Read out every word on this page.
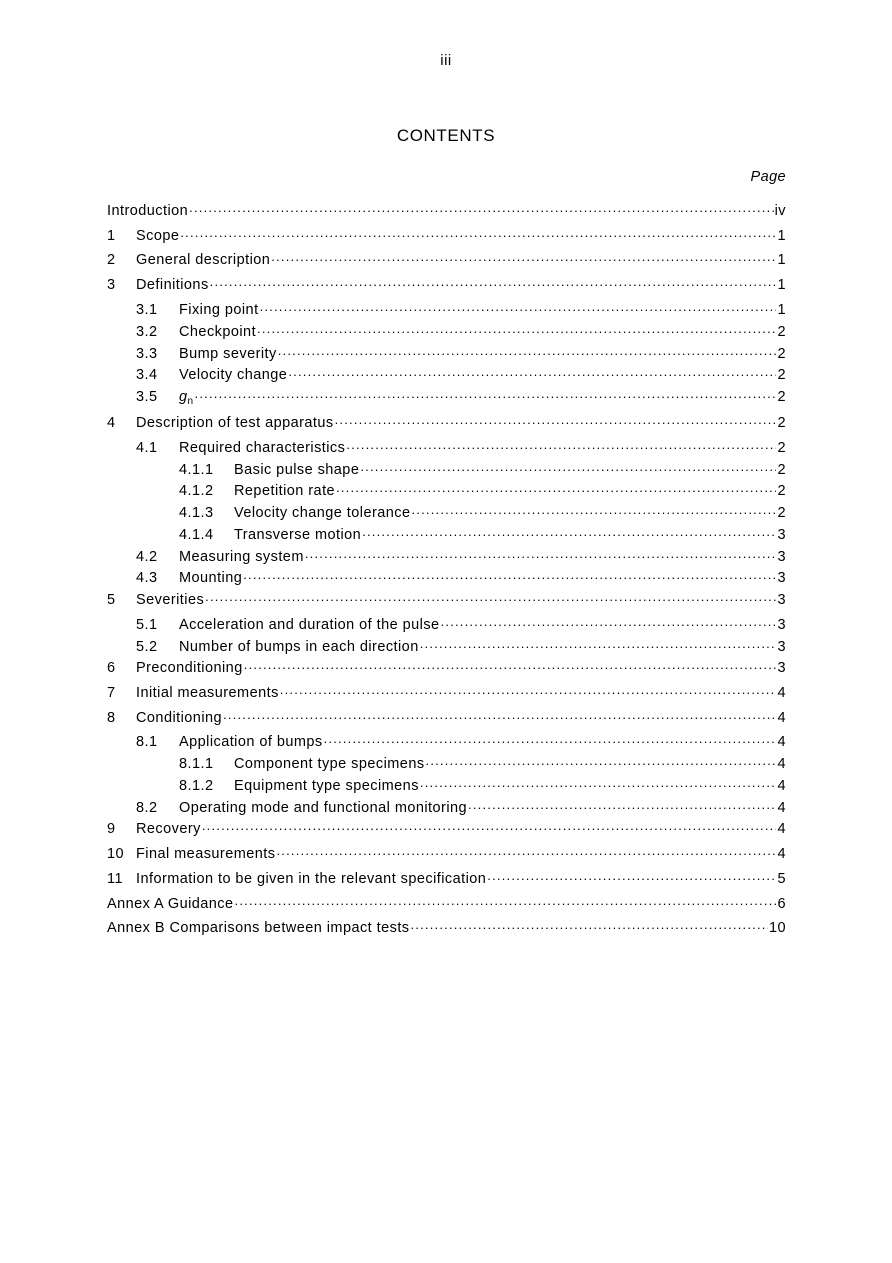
iii
CONTENTS
Page
Introduction .....	iv
1	Scope .....	1
2	General description .....	1
3	Definitions .....	1
3.1	Fixing point .....	1
3.2	Checkpoint .....	2
3.3	Bump severity .....	2
3.4	Velocity change .....	2
3.5	$g_n$ .....	2
4	Description of test apparatus .....	2
4.1	Required characteristics .....	2
4.1.1	Basic pulse shape .....	2
4.1.2	Repetition rate .....	2
4.1.3	Velocity change tolerance .....	2
4.1.4	Transverse motion .....	3
4.2	Measuring system .....	3
4.3	Mounting .....	3
5	Severities .....	3
5.1	Acceleration and duration of the pulse .....	3
5.2	Number of bumps in each direction .....	3
6	Preconditioning .....	3
7	Initial measurements .....	4
8	Conditioning .....	4
8.1	Application of bumps .....	4
8.1.1	Component type specimens .....	4
8.1.2	Equipment type specimens .....	4
8.2	Operating mode and functional monitoring .....	4
9	Recovery .....	4
10 Final measurements .....	4
11 Information to be given in the relevant specification .....	5
Annex A Guidance .....	6
Annex B Comparisons between impact tests .....	10
